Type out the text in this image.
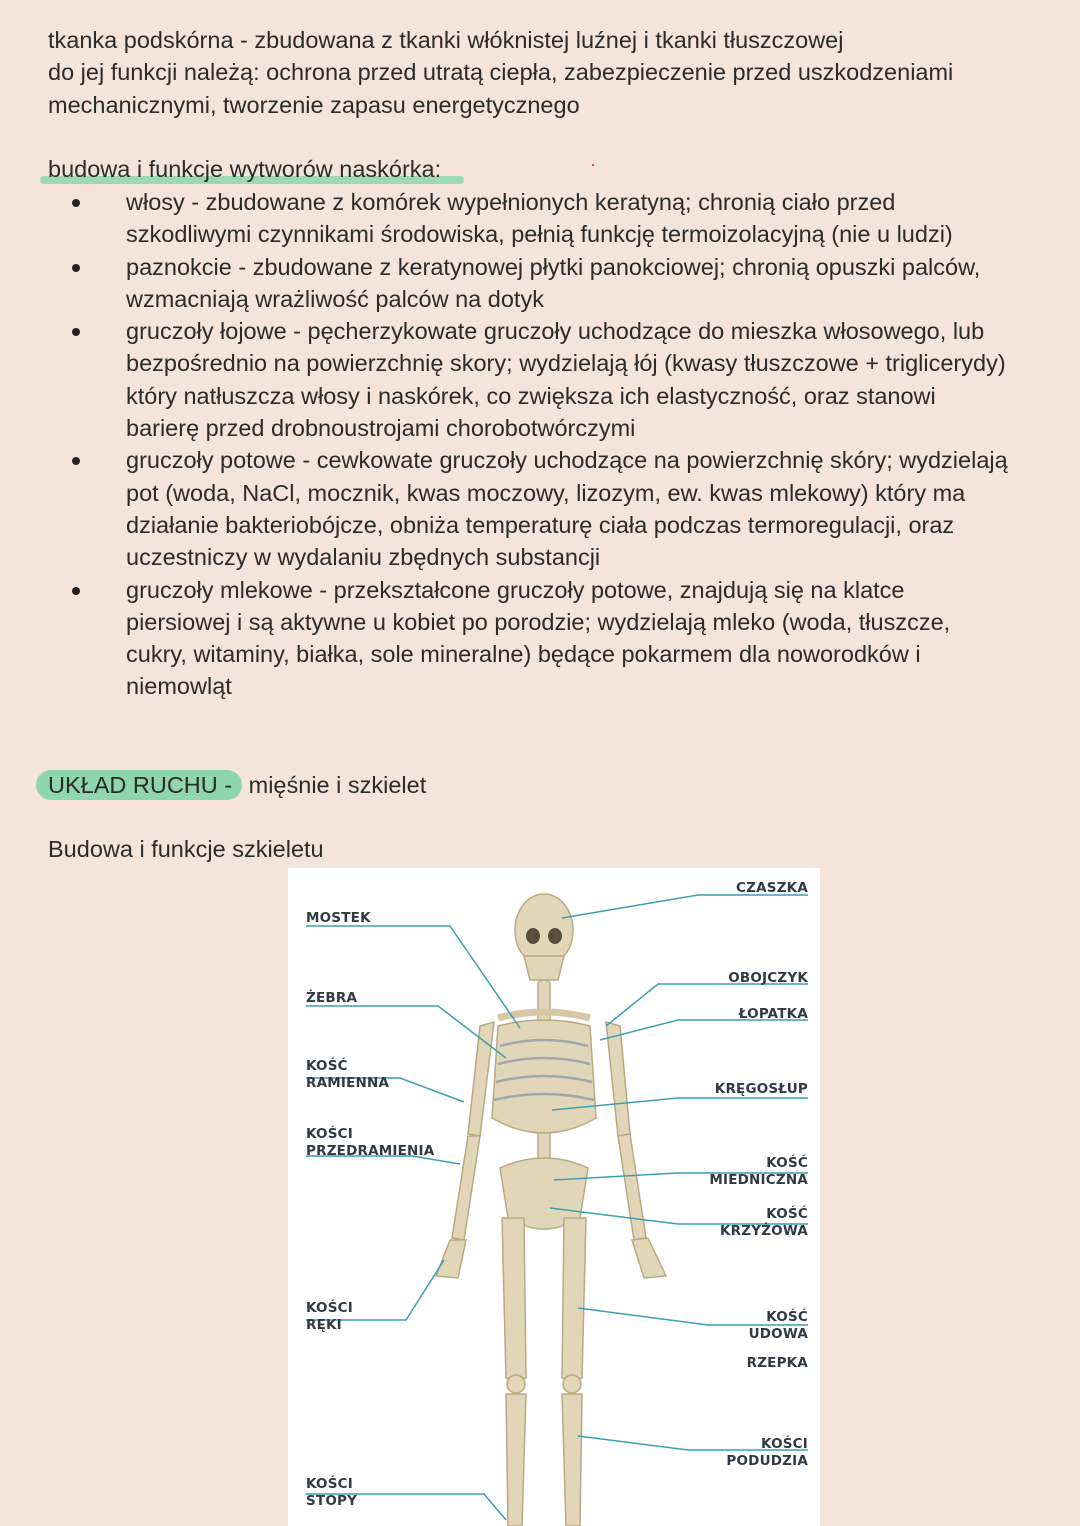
tkanka podskórna - zbudowana z tkanki włóknistej luźnej i tkanki tłuszczowej
do jej funkcji należą: ochrona przed utratą ciepła, zabezpieczenie przed uszkodzeniami
mechanicznymi, tworzenie zapasu energetycznego
budowa i funkcje wytworów naskórka:
włosy - zbudowane z komórek wypełnionych keratyną; chronią ciało przed
szkodliwymi czynnikami środowiska, pełnią funkcję termoizolacyjną (nie u ludzi)
paznokcie - zbudowane z keratynowej płytki panokciowej; chronią opuszki palców,
wzmacniają wrażliwość palców na dotyk
gruczoły łojowe - pęcherzykowate gruczoły uchodzące do mieszka włosowego, lub
bezpośrednio na powierzchnię skory; wydzielają łój (kwasy tłuszczowe + triglicerydy)
który natłuszcza włosy i naskórek, co zwiększa ich elastyczność, oraz stanowi
barierę przed drobnoustrojami chorobotwórczymi
gruczoły potowe - cewkowate gruczoły uchodzące na powierzchnię skóry; wydzielają
pot (woda, NaCl, mocznik, kwas moczowy, lizozym, ew. kwas mlekowy) który ma
działanie bakteriobójcze, obniża temperaturę ciała podczas termoregulacji, oraz
uczestniczy w wydalaniu zbędnych substancji
gruczoły mlekowe - przekształcone gruczoły potowe, znajdują się na klatce
piersiowej i są aktywne u kobiet po porodzie; wydzielają mleko (woda, tłuszcze,
cukry, witaminy, białka, sole mineralne) będące pokarmem dla noworodków i
niemowląt
UKŁAD RUCHU - mięśnie i szkielet
Budowa i funkcje szkieletu
MOSTEK
ŻEBRA
KOŚĆ
RAMIENNA
KOŚCI
PRZEDRAMIENIA
KOŚCI
RĘKI
KOŚCI
STOPY
CZASZKA
OBOJCZYK
ŁOPATKA
KRĘGOSŁUP
KOŚĆ
MIEDNICZNA
KOŚĆ
KRZYŻOWA
KOŚĆ
UDOWA
RZEPKA
KOŚCI
PODUDZIA
